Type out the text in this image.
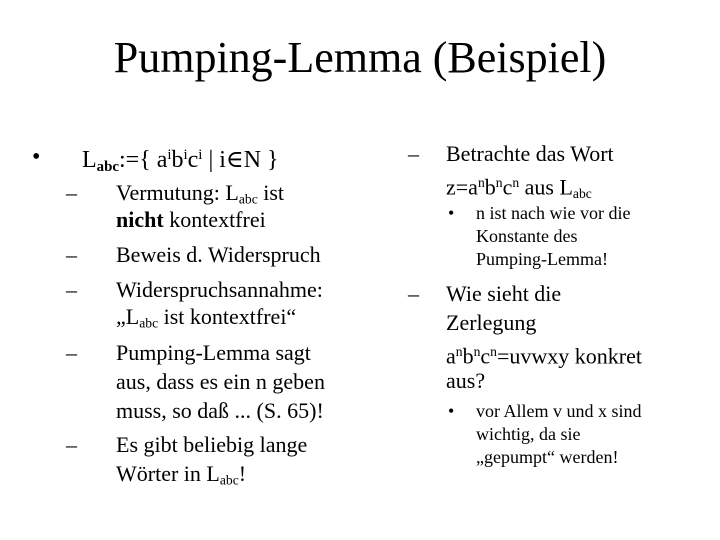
Pumping-Lemma (Beispiel)
• Labc:={ $a^ib^ic^i$ | i∈N }
– Vermutung: Labc ist
nicht kontextfrei
– Beweis d. Widerspruch
– Widerspruchsannahme:
„Labc ist kontextfrei“
– Pumping-Lemma sagt
aus, dass es ein n geben
muss, so daß ... (S. 65)!
– Es gibt beliebig lange
Wörter in Labc!
– Betrachte das Wort
$z=a^nb^nc^n$ aus Labc
• n ist nach wie vor die
Konstante des
Pumping-Lemma!
– Wie sieht die
Zerlegung
$a^nb^nc^n=uvwxy$ konkret
aus?
• vor Allem v und x sind
wichtig, da sie
„gepumpt“ werden!
